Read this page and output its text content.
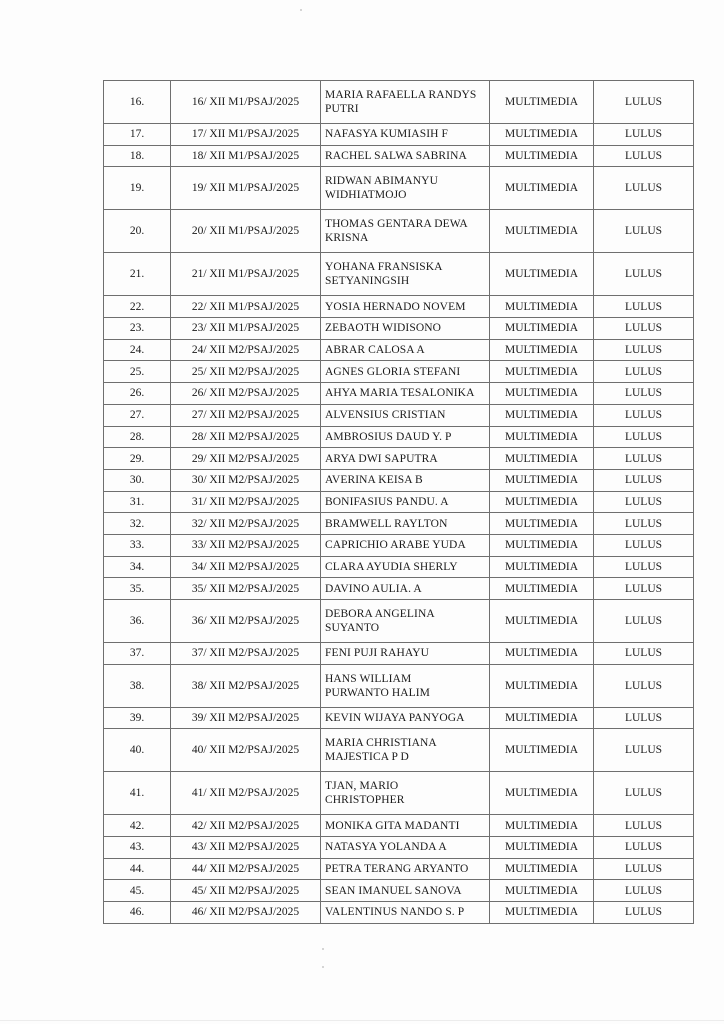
16.	16/ XII M1/PSAJ/2025	MARIA RAFAELLA RANDYS
PUTRI	MULTIMEDIA	LULUS
17.	17/ XII M1/PSAJ/2025	NAFASYA KUMIASIH F	MULTIMEDIA	LULUS
18.	18/ XII M1/PSAJ/2025	RACHEL SALWA SABRINA	MULTIMEDIA	LULUS
19.	19/ XII M1/PSAJ/2025	RIDWAN ABIMANYU
WIDHIATMOJO	MULTIMEDIA	LULUS
20.	20/ XII M1/PSAJ/2025	THOMAS GENTARA DEWA
KRISNA	MULTIMEDIA	LULUS
21.	21/ XII M1/PSAJ/2025	YOHANA FRANSISKA
SETYANINGSIH	MULTIMEDIA	LULUS
22.	22/ XII M1/PSAJ/2025	YOSIA HERNADO NOVEM	MULTIMEDIA	LULUS
23.	23/ XII M1/PSAJ/2025	ZEBAOTH WIDISONO	MULTIMEDIA	LULUS
24.	24/ XII M2/PSAJ/2025	ABRAR CALOSA A	MULTIMEDIA	LULUS
25.	25/ XII M2/PSAJ/2025	AGNES GLORIA STEFANI	MULTIMEDIA	LULUS
26.	26/ XII M2/PSAJ/2025	AHYA MARIA TESALONIKA	MULTIMEDIA	LULUS
27.	27/ XII M2/PSAJ/2025	ALVENSIUS CRISTIAN	MULTIMEDIA	LULUS
28.	28/ XII M2/PSAJ/2025	AMBROSIUS DAUD Y. P	MULTIMEDIA	LULUS
29.	29/ XII M2/PSAJ/2025	ARYA DWI SAPUTRA	MULTIMEDIA	LULUS
30.	30/ XII M2/PSAJ/2025	AVERINA KEISA B	MULTIMEDIA	LULUS
31.	31/ XII M2/PSAJ/2025	BONIFASIUS PANDU. A	MULTIMEDIA	LULUS
32.	32/ XII M2/PSAJ/2025	BRAMWELL RAYLTON	MULTIMEDIA	LULUS
33.	33/ XII M2/PSAJ/2025	CAPRICHIO ARABE YUDA	MULTIMEDIA	LULUS
34.	34/ XII M2/PSAJ/2025	CLARA AYUDIA SHERLY	MULTIMEDIA	LULUS
35.	35/ XII M2/PSAJ/2025	DAVINO AULIA. A	MULTIMEDIA	LULUS
36.	36/ XII M2/PSAJ/2025	DEBORA ANGELINA
SUYANTO	MULTIMEDIA	LULUS
37.	37/ XII M2/PSAJ/2025	FENI PUJI RAHAYU	MULTIMEDIA	LULUS
38.	38/ XII M2/PSAJ/2025	HANS WILLIAM
PURWANTO HALIM	MULTIMEDIA	LULUS
39.	39/ XII M2/PSAJ/2025	KEVIN WIJAYA PANYOGA	MULTIMEDIA	LULUS
40.	40/ XII M2/PSAJ/2025	MARIA CHRISTIANA
MAJESTICA P D	MULTIMEDIA	LULUS
41.	41/ XII M2/PSAJ/2025	TJAN, MARIO
CHRISTOPHER	MULTIMEDIA	LULUS
42.	42/ XII M2/PSAJ/2025	MONIKA GITA MADANTI	MULTIMEDIA	LULUS
43.	43/ XII M2/PSAJ/2025	NATASYA YOLANDA A	MULTIMEDIA	LULUS
44.	44/ XII M2/PSAJ/2025	PETRA TERANG ARYANTO	MULTIMEDIA	LULUS
45.	45/ XII M2/PSAJ/2025	SEAN IMANUEL SANOVA	MULTIMEDIA	LULUS
46.	46/ XII M2/PSAJ/2025	VALENTINUS NANDO S. P	MULTIMEDIA	LULUS
